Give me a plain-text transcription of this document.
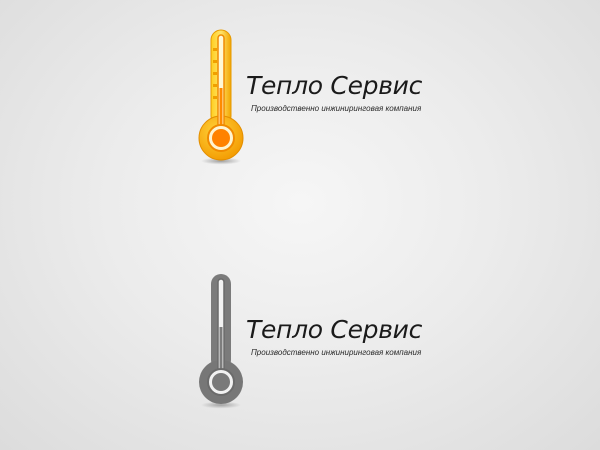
Тепло Сервис
Производственно инжиниринговая компания
Тепло Сервис
Производственно инжиниринговая компания
